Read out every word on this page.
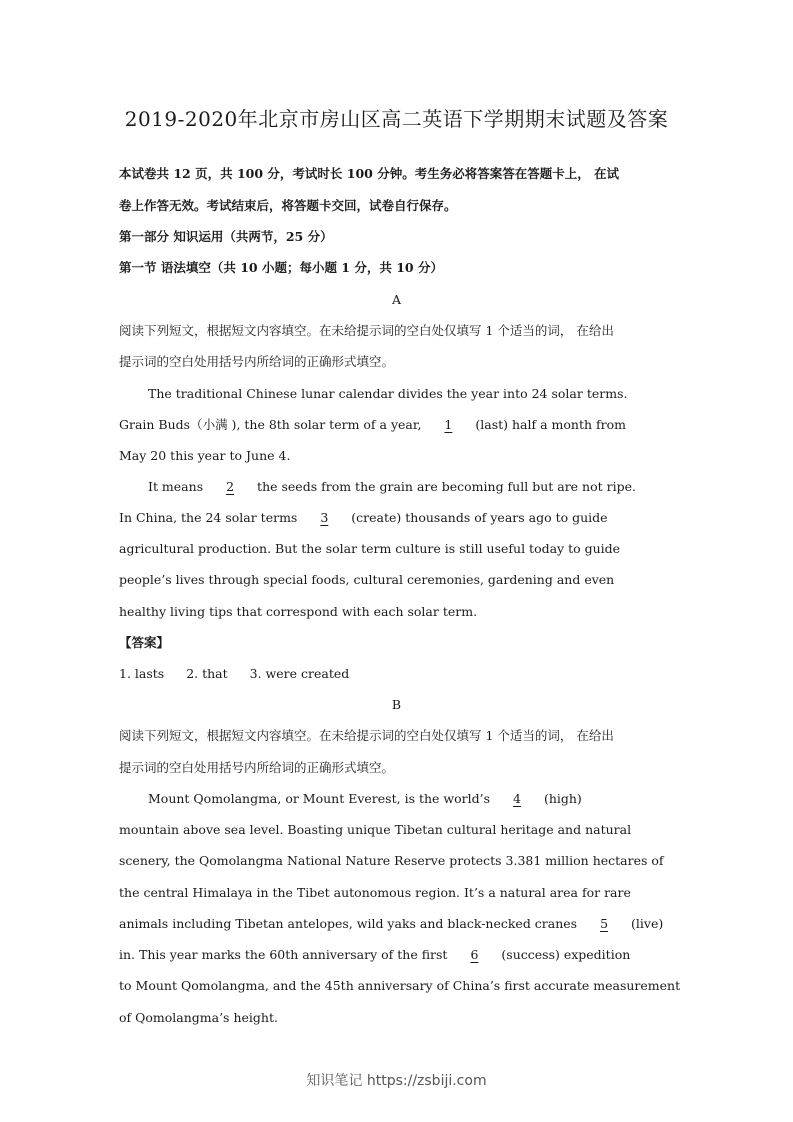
2019-2020年北京市房山区高二英语下学期期末试题及答案
本试卷共 12 页，共 100 分，考试时长 100 分钟。考生务必将答案答在答题卡上， 在试
卷上作答无效。考试结束后，将答题卡交回，试卷自行保存。
第一部分 知识运用（共两节，25 分）
第一节 语法填空（共 10 小题；每小题 1 分，共 10 分）
A
阅读下列短文，根据短文内容填空。在未给提示词的空白处仅填写 1 个适当的词， 在给出
提示词的空白处用括号内所给词的正确形式填空。
The traditional Chinese lunar calendar divides the year into 24 solar terms.
Grain Buds（小满 ), the 8th solar term of a year, 1 (last) half a month from
May 20 this year to June 4.
It means 2 the seeds from the grain are becoming full but are not ripe.
In China, the 24 solar terms 3 (create) thousands of years ago to guide
agricultural production. But the solar term culture is still useful today to guide
people’s lives through special foods, cultural ceremonies, gardening and even
healthy living tips that correspond with each solar term.
【答案】
1. lasts 2. that 3. were created
B
阅读下列短文，根据短文内容填空。在未给提示词的空白处仅填写 1 个适当的词， 在给出
提示词的空白处用括号内所给词的正确形式填空。
Mount Qomolangma, or Mount Everest, is the world’s 4 (high)
mountain above sea level. Boasting unique Tibetan cultural heritage and natural
scenery, the Qomolangma National Nature Reserve protects 3.381 million hectares of
the central Himalaya in the Tibet autonomous region. It’s a natural area for rare
animals including Tibetan antelopes, wild yaks and black-necked cranes 5 (live)
in. This year marks the 60th anniversary of the first 6 (success) expedition
to Mount Qomolangma, and the 45th anniversary of China’s first accurate measurement
of Qomolangma’s height.
知识笔记 https://zsbiji.com
